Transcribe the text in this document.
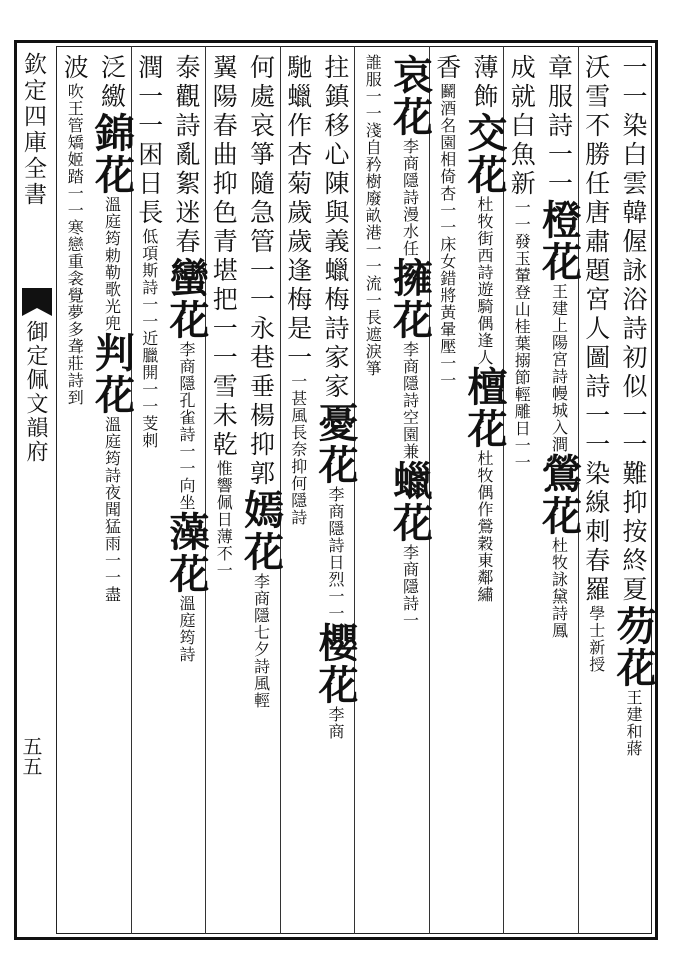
欽定四庫全書
御定佩文韻府
五五
一一染白雲韓偓詠浴詩初似一一難抑按終夏芴花王建和蔣
沃雪不勝任唐肅題宮人圖詩一一染線刺春羅學士新授
章服詩一一橙花王建上陽宮詩幔城入澗鶯花杜牧詠黛詩鳳
成就白魚新一一發玉輦登山桂葉搦節輕雕日一一
薄飾交花杜牧街西詩遊騎偶逢人檀花杜牧偶作鶯穀東鄰繡
香鬬酒名園相倚杏一一床女錯將黃暈壓一一
哀花李商隱詩漫水任擁花李商隱詩空園兼蠟花李商隱詩一
誰服一一淺自矜樹廢畝港一一流一長遮淚箏
拄鎮移心陳與義蠟梅詩家家憂花李商隱詩日烈一一櫻花李商
馳蠟作杏菊歲歲逢梅是一一甚風長奈抑何隱詩
何處哀箏隨急管一一永巷垂楊抑郭嫣花李商隱七夕詩風輕
翼陽春曲抑色青堪把一一雪未乾惟響佩日薄不一
泰觀詩亂絮迷春蠻花李商隱孔雀詩一一向坐藻花溫庭筠詩
潤一一困日長低項斯詩一一近臘開一一芰刺
泛繳錦花溫庭筠勅勒歌光兜判花溫庭筠詩夜聞猛雨一一盡
波吹王管矯姬踏一一寒戀重衾覺夢多聋莊詩到
